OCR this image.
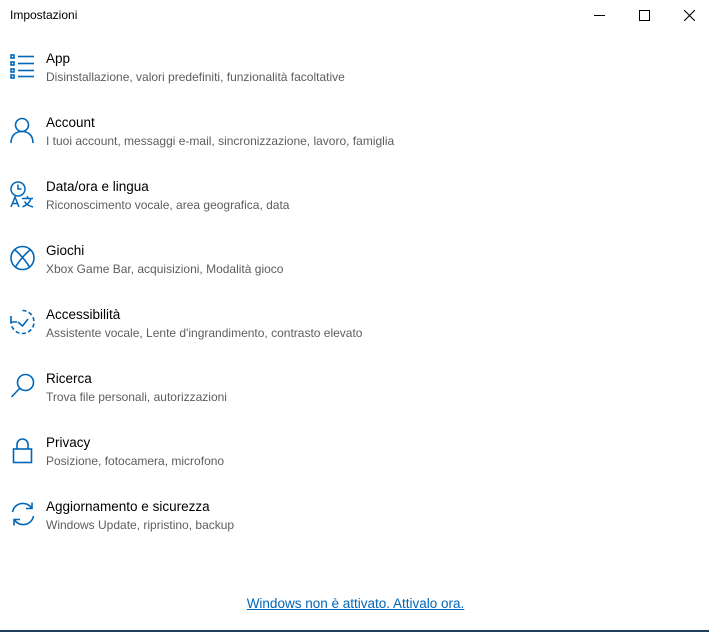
Impostazioni
App
Disinstallazione, valori predefiniti, funzionalità facoltative
Account
I tuoi account, messaggi e-mail, sincronizzazione, lavoro, famiglia
Data/ora e lingua
Riconoscimento vocale, area geografica, data
Giochi
Xbox Game Bar, acquisizioni, Modalità gioco
Accessibilità
Assistente vocale, Lente d'ingrandimento, contrasto elevato
Ricerca
Trova file personali, autorizzazioni
Privacy
Posizione, fotocamera, microfono
Aggiornamento e sicurezza
Windows Update, ripristino, backup
Windows non è attivato. Attivalo ora.
